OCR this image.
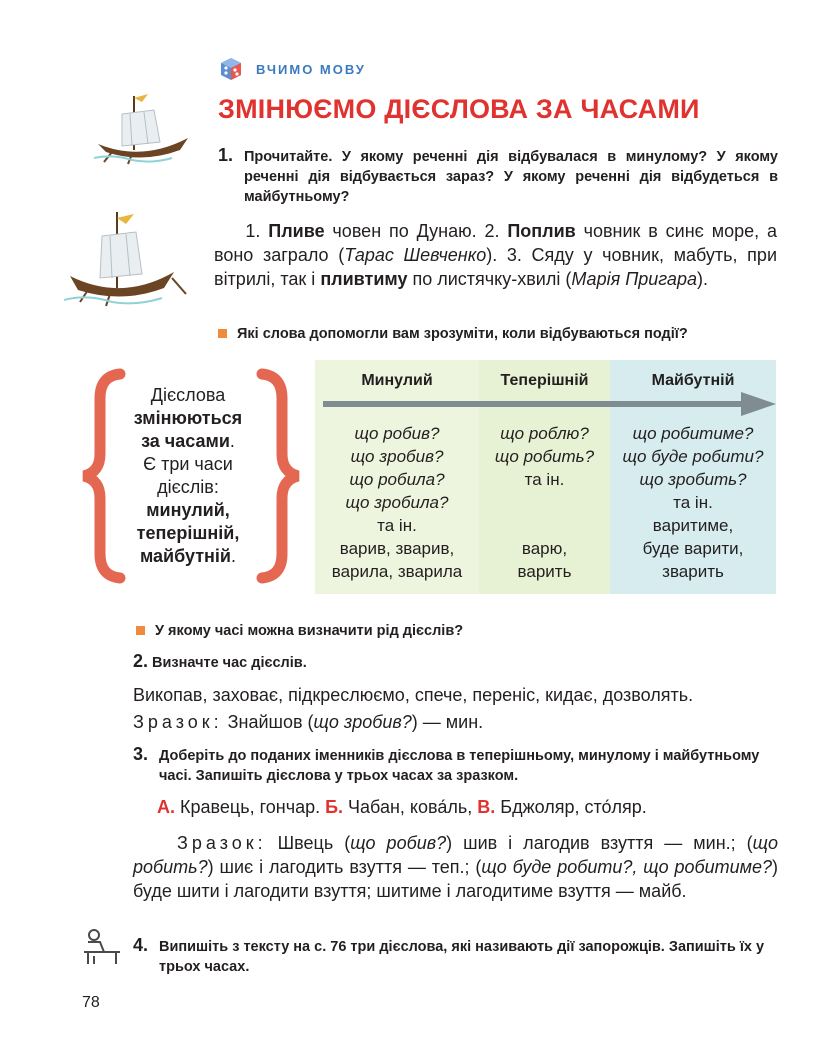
ВЧИМО МОВУ
ЗМІНЮЄМО ДІЄСЛОВА ЗА ЧАСАМИ
1. Прочитайте. У якому реченні дія відбувалася в минулому? У якому реченні дія відбувається зараз? У якому реченні дія відбудеться в майбутньому?
1. Пливе човен по Дунаю. 2. Поплив човник в синє море, а воно заграло (Тарас Шевченко). 3. Сяду у човник, мабуть, при вітрилі, так і пливтиму по листячку-хвилі (Марія Пригара).
Які слова допомогли вам зрозуміти, коли відбуваються події?
Дієслова
змінюються
за часами.
Є три часи
дієслів:
минулий,
теперішній,
майбутній.
Минулий
що робив?
що зробив?
що робила?
що зробила?
та ін.
варив, зварив,
варила, зварила
Теперішній
що роблю?
що робить?
та ін.
варю,
варить
Майбутній
що робитиме?
що буде робити?
що зробить?
та ін.
варитиме,
буде варити,
зварить
У якому часі можна визначити рід дієслів?
2. Визначте час дієслів.
Викопав, заховає, підкреслюємо, спече, переніс, кидає, дозволять.
Зразок: Знайшов (що зробив?) — мин.
3. Доберіть до поданих іменників дієслова в теперішньому, минулому і майбутньому часі. Запишіть дієслова у трьох часах за зразком.
А. Кравець, гончар. Б. Чабан, кова́ль, В. Бджоляр, сто́ляр.
Зразок: Швець (що робив?) шив і лагодив взуття — мин.; (що робить?) шиє і лагодить взуття — теп.; (що буде робити?, що робитиме?) буде шити і лагодити взуття; шитиме і лагодитиме взуття — майб.
4. Випишіть з тексту на с. 76 три дієслова, які називають дії запорожців. Запишіть їх у трьох часах.
78
